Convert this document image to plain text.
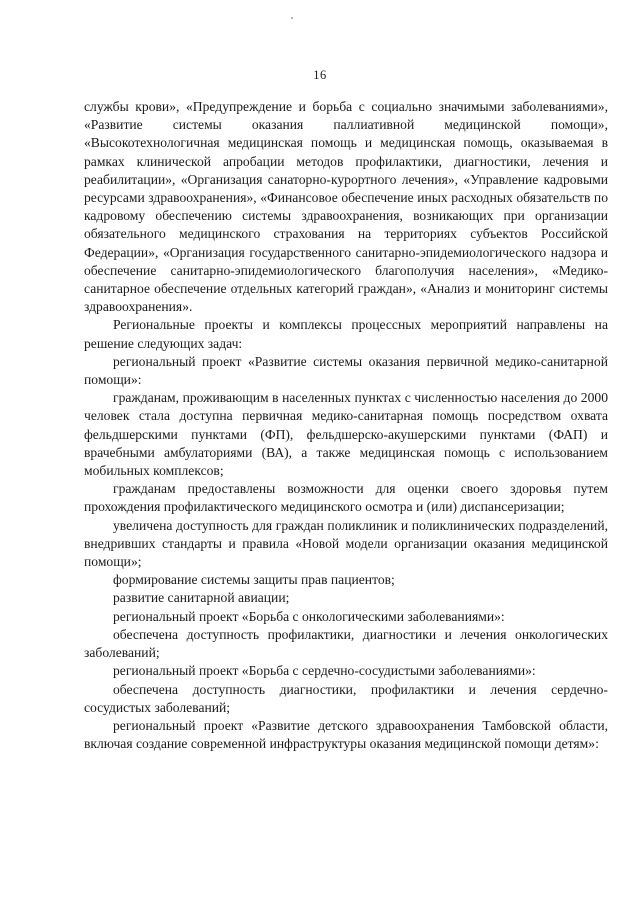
16

службы крови», «Предупреждение и борьба с социально значимыми заболеваниями», «Развитие системы оказания паллиативной медицинской помощи», «Высокотехнологичная медицинская помощь и медицинская помощь, оказываемая в рамках клинической апробации методов профилактики, диагностики, лечения и реабилитации», «Организация санаторно-курортного лечения», «Управление кадровыми ресурсами здравоохранения», «Финансовое обеспечение иных расходных обязательств по кадровому обеспечению системы здравоохранения, возникающих при организации обязательного медицинского страхования на территориях субъектов Российской Федерации», «Организация государственного санитарно-эпидемиологического надзора и обеспечение санитарно-эпидемиологического благополучия населения», «Медико-санитарное обеспечение отдельных категорий граждан», «Анализ и мониторинг системы здравоохранения».

Региональные проекты и комплексы процессных мероприятий направлены на решение следующих задач:

региональный проект «Развитие системы оказания первичной медико-санитарной помощи»:

гражданам, проживающим в населенных пунктах с численностью населения до 2000 человек стала доступна первичная медико-санитарная помощь посредством охвата фельдшерскими пунктами (ФП), фельдшерско-акушерскими пунктами (ФАП) и врачебными амбулаториями (ВА), а также медицинская помощь с использованием мобильных комплексов;

гражданам предоставлены возможности для оценки своего здоровья путем прохождения профилактического медицинского осмотра и (или) диспансеризации;

увеличена доступность для граждан поликлиник и поликлинических подразделений, внедривших стандарты и правила «Новой модели организации оказания медицинской помощи»;

формирование системы защиты прав пациентов;

развитие санитарной авиации;

региональный проект «Борьба с онкологическими заболеваниями»:

обеспечена доступность профилактики, диагностики и лечения онкологических заболеваний;

региональный проект «Борьба с сердечно-сосудистыми заболеваниями»:

обеспечена доступность диагностики, профилактики и лечения сердечно-сосудистых заболеваний;

региональный проект «Развитие детского здравоохранения Тамбовской области, включая создание современной инфраструктуры оказания медицинской помощи детям»:
